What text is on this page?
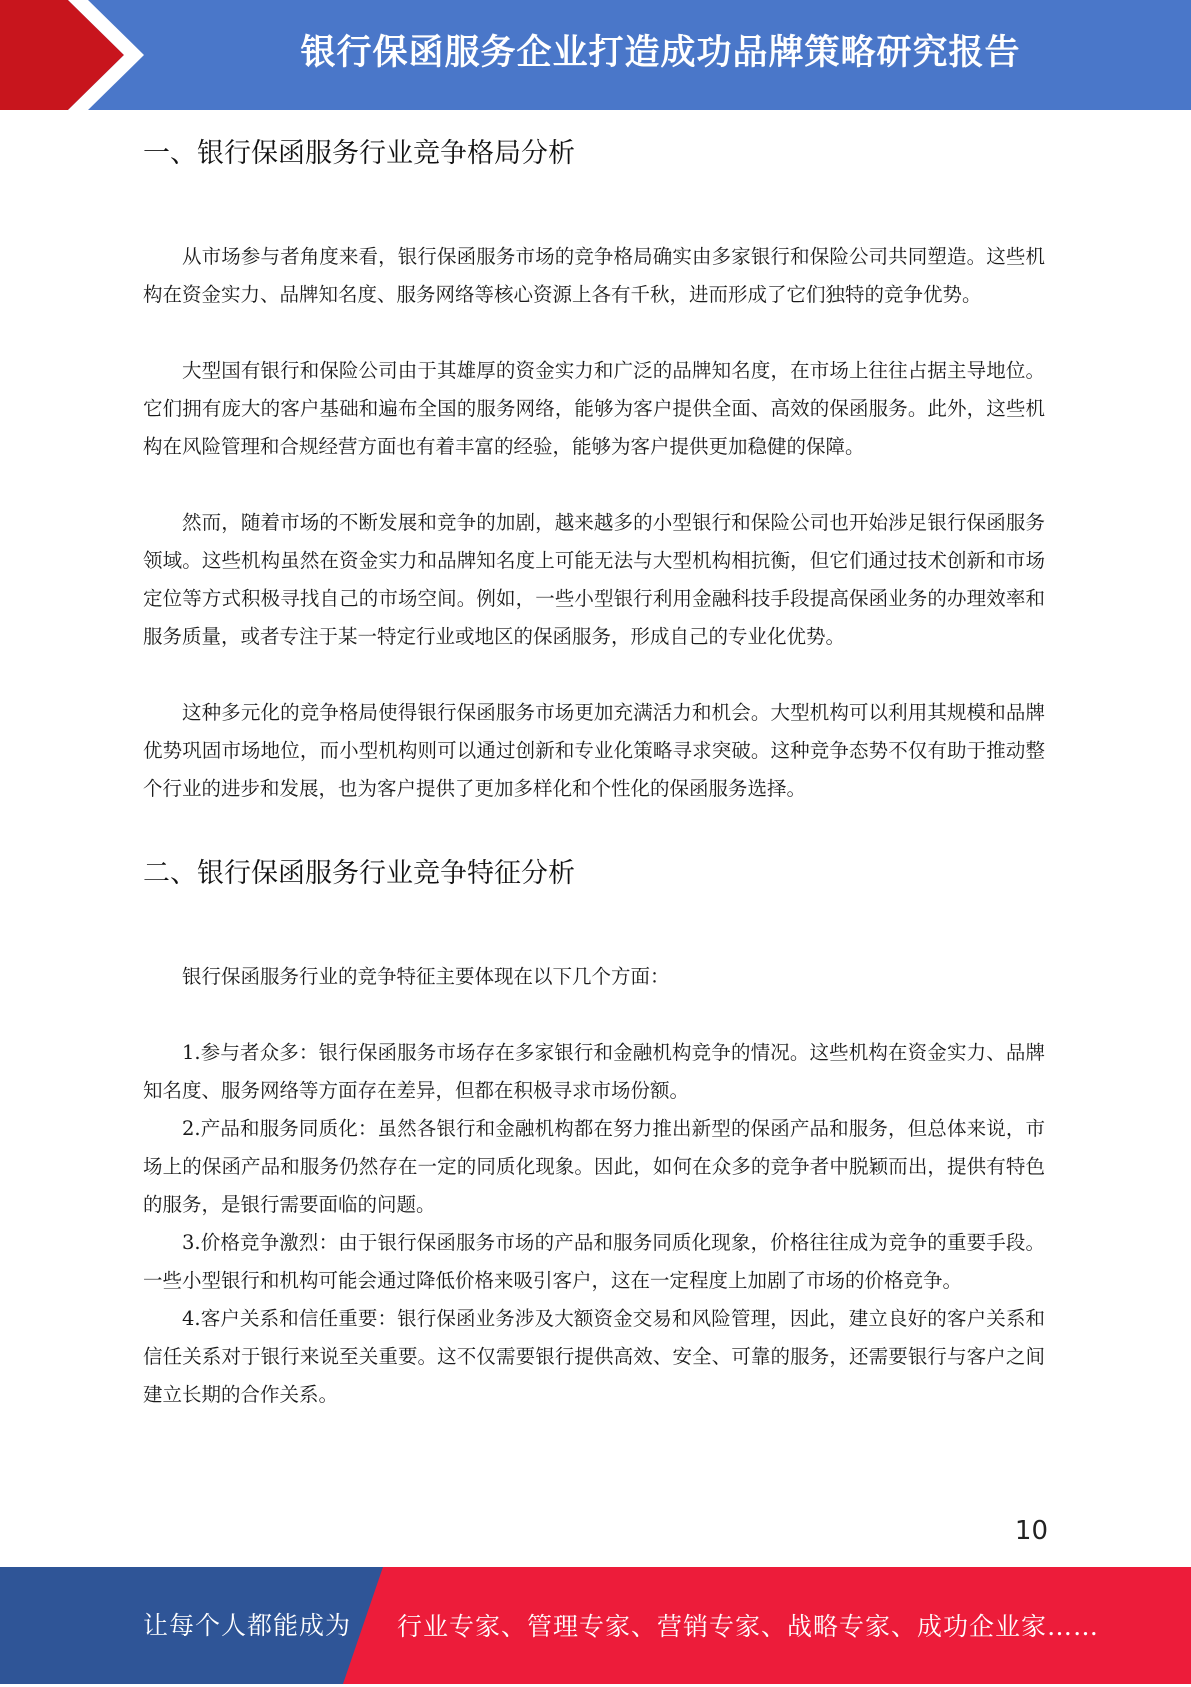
银行保函服务企业打造成功品牌策略研究报告
一、银行保函服务行业竞争格局分析

从市场参与者角度来看，银行保函服务市场的竞争格局确实由多家银行和保险公司共同塑造。这些机构在资金实力、品牌知名度、服务网络等核心资源上各有千秋，进而形成了它们独特的竞争优势。

大型国有银行和保险公司由于其雄厚的资金实力和广泛的品牌知名度，在市场上往往占据主导地位。它们拥有庞大的客户基础和遍布全国的服务网络，能够为客户提供全面、高效的保函服务。此外，这些机构在风险管理和合规经营方面也有着丰富的经验，能够为客户提供更加稳健的保障。

然而，随着市场的不断发展和竞争的加剧，越来越多的小型银行和保险公司也开始涉足银行保函服务领域。这些机构虽然在资金实力和品牌知名度上可能无法与大型机构相抗衡，但它们通过技术创新和市场定位等方式积极寻找自己的市场空间。例如，一些小型银行利用金融科技手段提高保函业务的办理效率和服务质量，或者专注于某一特定行业或地区的保函服务，形成自己的专业化优势。

这种多元化的竞争格局使得银行保函服务市场更加充满活力和机会。大型机构可以利用其规模和品牌优势巩固市场地位，而小型机构则可以通过创新和专业化策略寻求突破。这种竞争态势不仅有助于推动整个行业的进步和发展，也为客户提供了更加多样化和个性化的保函服务选择。

二、银行保函服务行业竞争特征分析

银行保函服务行业的竞争特征主要体现在以下几个方面：

1.参与者众多：银行保函服务市场存在多家银行和金融机构竞争的情况。这些机构在资金实力、品牌知名度、服务网络等方面存在差异，但都在积极寻求市场份额。

2.产品和服务同质化：虽然各银行和金融机构都在努力推出新型的保函产品和服务，但总体来说，市场上的保函产品和服务仍然存在一定的同质化现象。因此，如何在众多的竞争者中脱颖而出，提供有特色的服务，是银行需要面临的问题。

3.价格竞争激烈：由于银行保函服务市场的产品和服务同质化现象，价格往往成为竞争的重要手段。一些小型银行和机构可能会通过降低价格来吸引客户，这在一定程度上加剧了市场的价格竞争。

4.客户关系和信任重要：银行保函业务涉及大额资金交易和风险管理，因此，建立良好的客户关系和信任关系对于银行来说至关重要。这不仅需要银行提供高效、安全、可靠的服务，还需要银行与客户之间建立长期的合作关系。

10
让每个人都能成为 行业专家、管理专家、营销专家、战略专家、成功企业家……
